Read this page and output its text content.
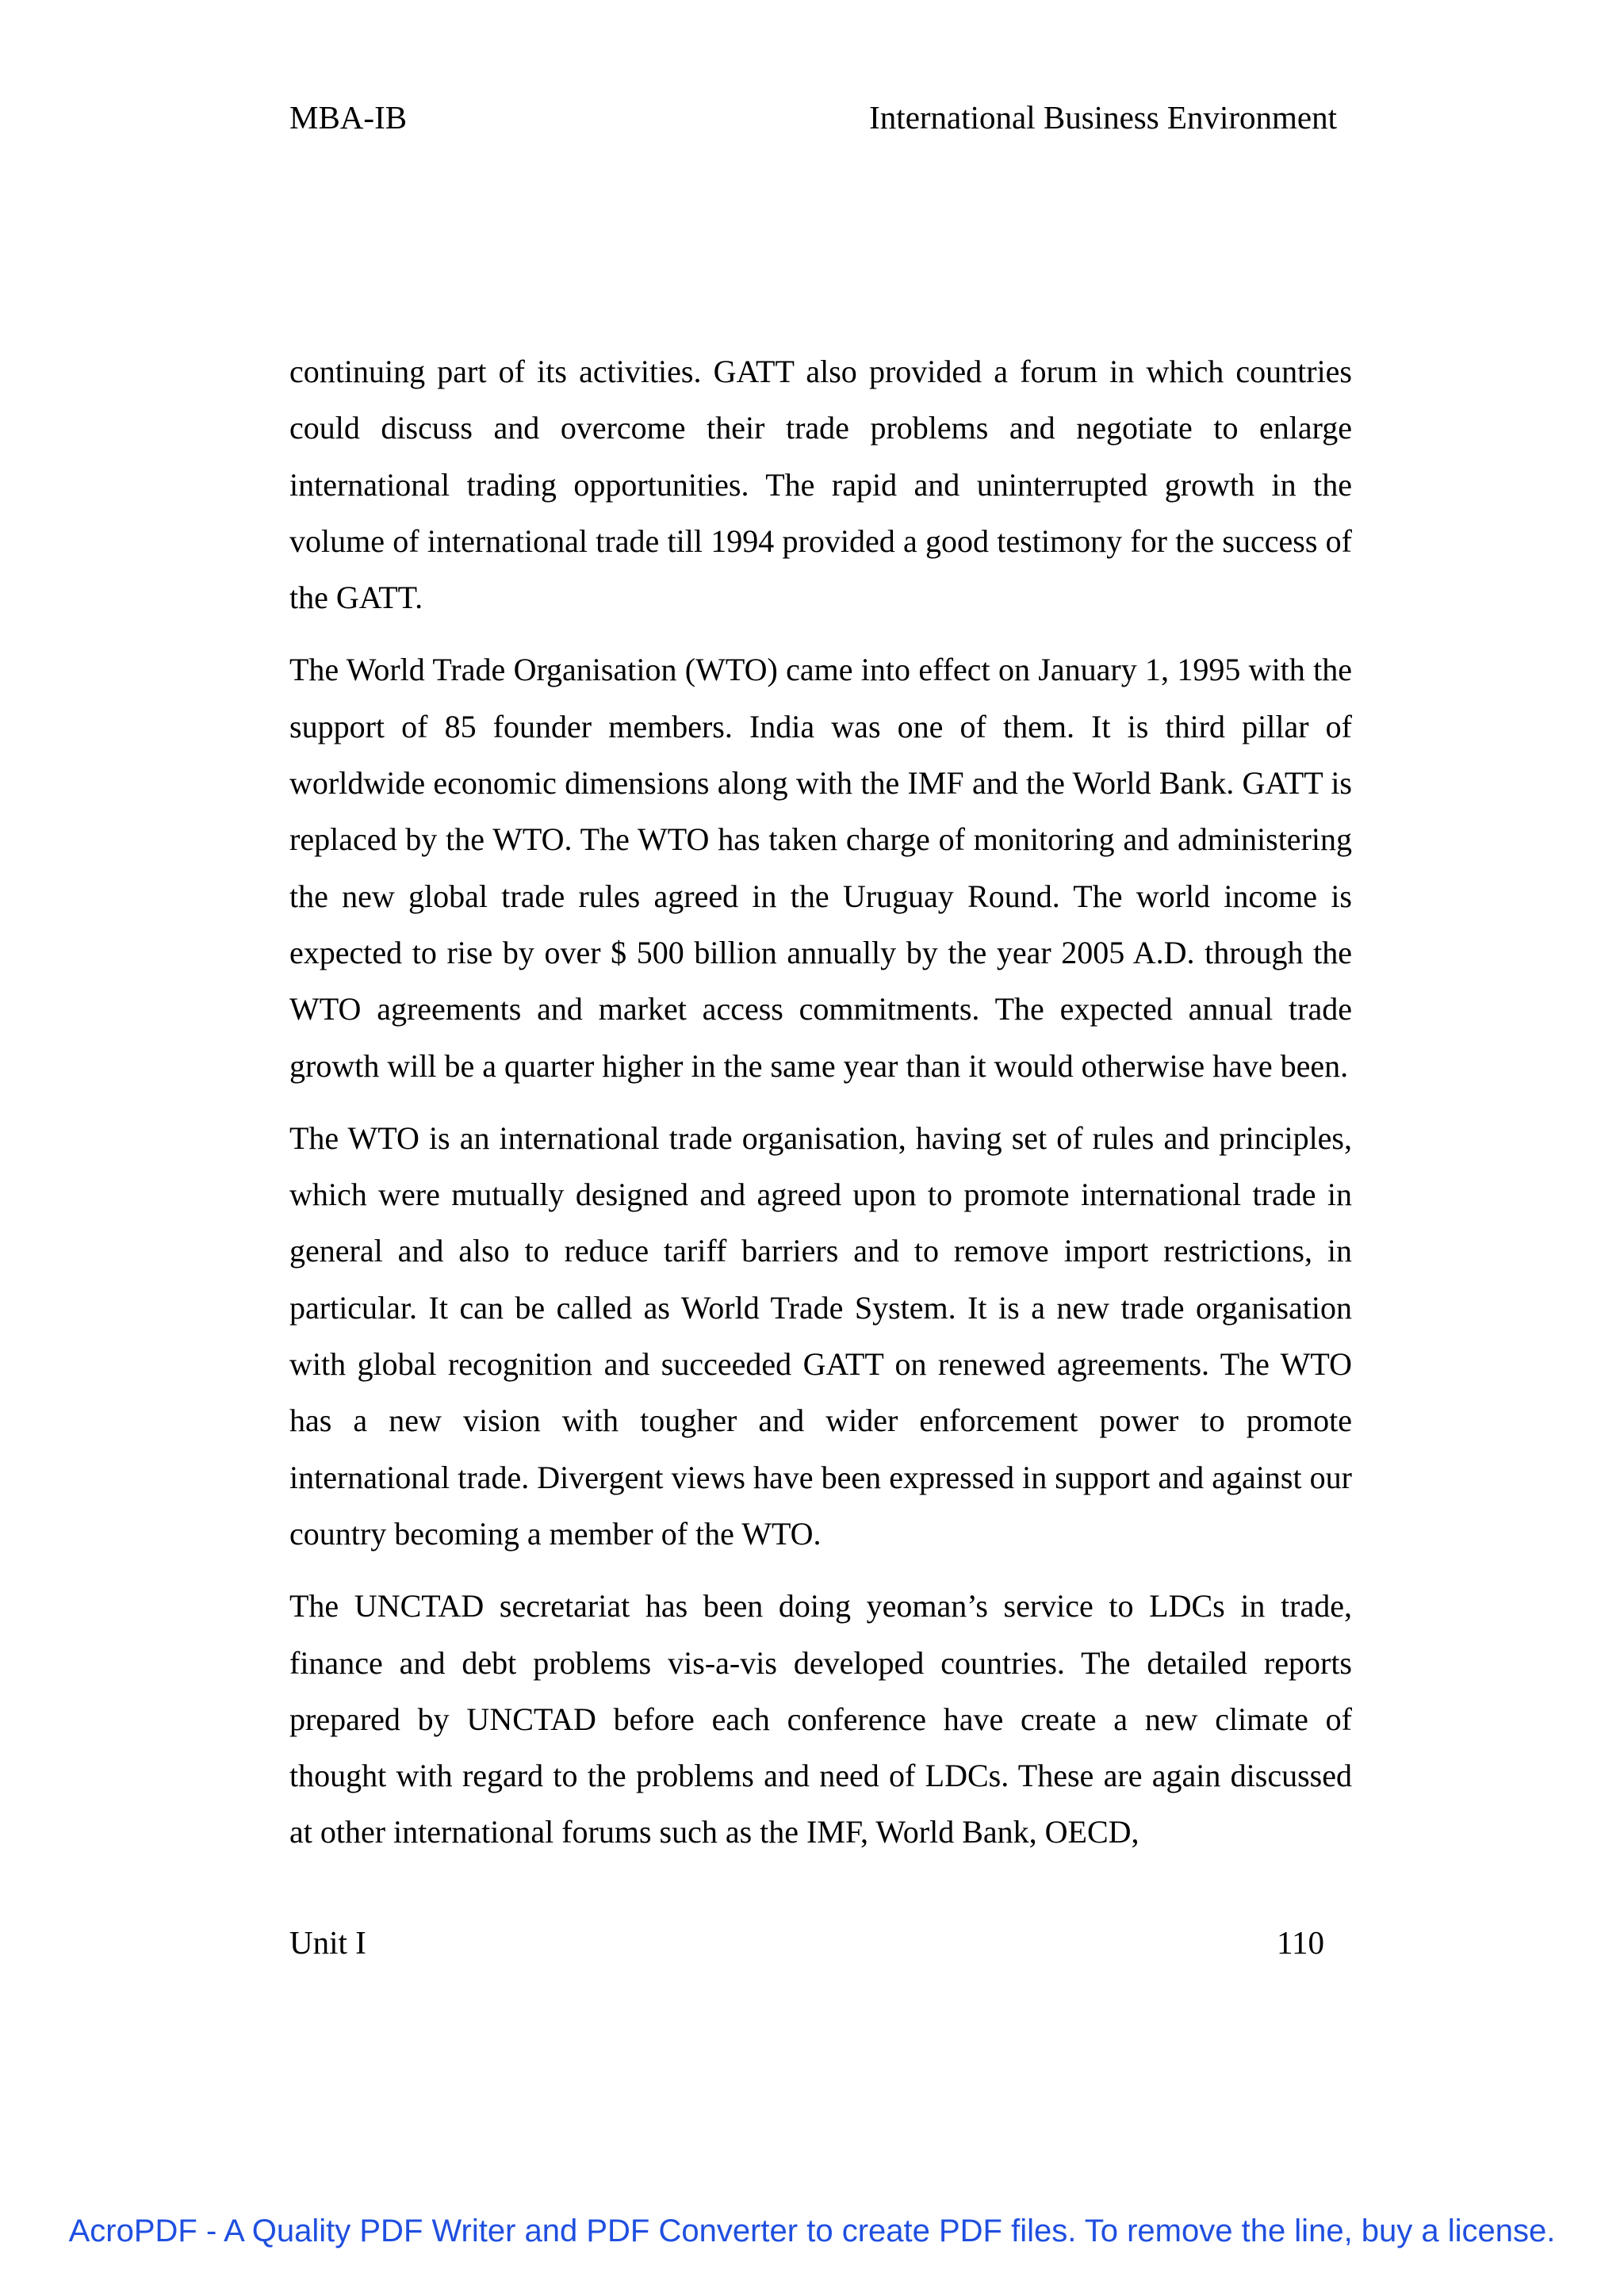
MBA-IB	International Business Environment

continuing part of its activities. GATT also provided a forum in which countries could discuss and overcome their trade problems and negotiate to enlarge international trading opportunities. The rapid and uninterrupted growth in the volume of international trade till 1994 provided a good testimony for the success of the GATT.

The World Trade Organisation (WTO) came into effect on January 1, 1995 with the support of 85 founder members. India was one of them. It is third pillar of worldwide economic dimensions along with the IMF and the World Bank. GATT is replaced by the WTO. The WTO has taken charge of monitoring and administering the new global trade rules agreed in the Uruguay Round. The world income is expected to rise by over $ 500 billion annually by the year 2005 A.D. through the WTO agreements and market access commitments. The expected annual trade growth will be a quarter higher in the same year than it would otherwise have been.

The WTO is an international trade organisation, having set of rules and principles, which were mutually designed and agreed upon to promote international trade in general and also to reduce tariff barriers and to remove import restrictions, in particular. It can be called as World Trade System. It is a new trade organisation with global recognition and succeeded GATT on renewed agreements. The WTO has a new vision with tougher and wider enforcement power to promote international trade. Divergent views have been expressed in support and against our country becoming a member of the WTO.

The UNCTAD secretariat has been doing yeoman’s service to LDCs in trade, finance and debt problems vis-a-vis developed countries. The detailed reports prepared by UNCTAD before each conference have create a new climate of thought with regard to the problems and need of LDCs. These are again discussed at other international forums such as the IMF, World Bank, OECD,

Unit I	110
AcroPDF - A Quality PDF Writer and PDF Converter to create PDF files. To remove the line, buy a license.
